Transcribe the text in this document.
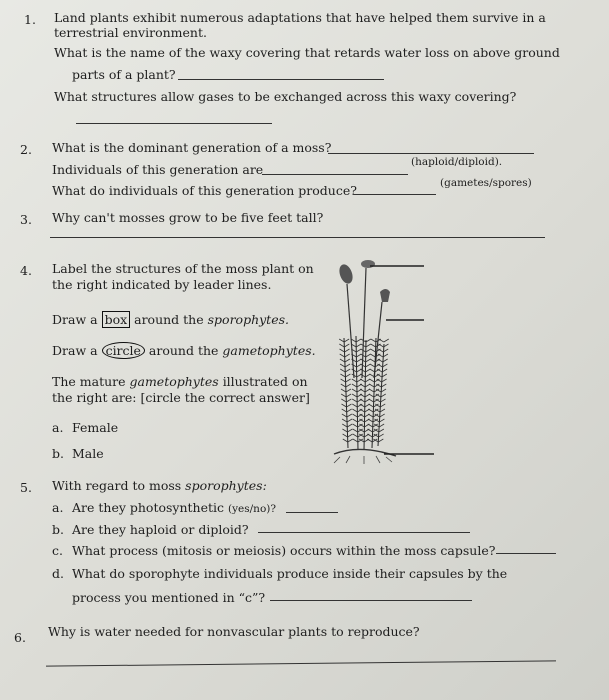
1. Land plants exhibit numerous adaptations that have helped them survive in a
terrestrial environment.
What is the name of the waxy covering that retards water loss on above ground
parts of a plant?
What structures allow gases to be exchanged across this waxy covering?
2. What is the dominant generation of a moss?
Individuals of this generation are	(haploid/diploid).
What do individuals of this generation produce?	(gametes/spores)
3. Why can't mosses grow to be five feet tall?
4. Label the structures of the moss plant on
the right indicated by leader lines.
Draw a box around the sporophytes.
Draw a circle around the gametophytes.
The mature gametophytes illustrated on
the right are: [circle the correct answer]
a. Female
b. Male
5. With regard to moss sporophytes:
a. Are they photosynthetic (yes/no)?
b. Are they haploid or diploid?
c. What process (mitosis or meiosis) occurs within the moss capsule?
d. What do sporophyte individuals produce inside their capsules by the
process you mentioned in “c”?
6. Why is water needed for nonvascular plants to reproduce?
